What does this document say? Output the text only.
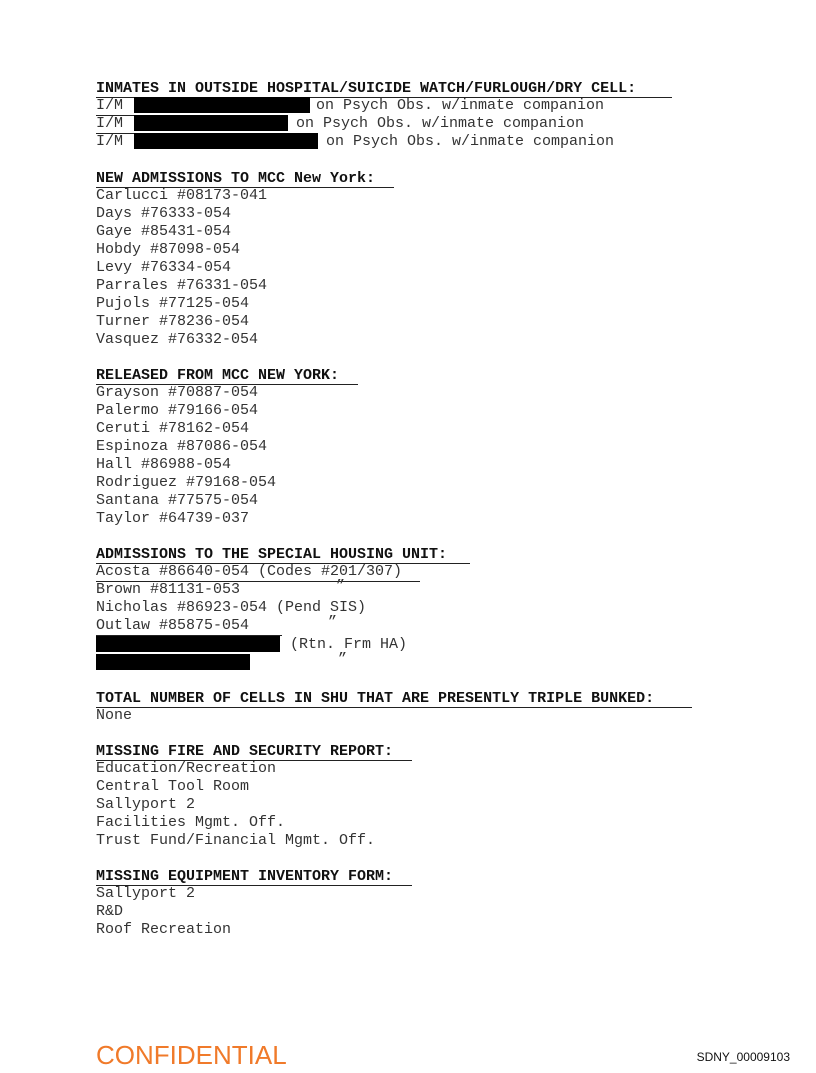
INMATES IN OUTSIDE HOSPITAL/SUICIDE WATCH/FURLOUGH/DRY CELL:
I/M	on Psych Obs. w/inmate companion
I/M	on Psych Obs. w/inmate companion
I/M	on Psych Obs. w/inmate companion
NEW ADMISSIONS TO MCC New York:
Carlucci #08173-041
Days #76333-054
Gaye #85431-054
Hobdy #87098-054
Levy #76334-054
Parrales #76331-054
Pujols #77125-054
Turner #78236-054
Vasquez #76332-054
RELEASED FROM MCC NEW YORK:
Grayson #70887-054
Palermo #79166-054
Ceruti #78162-054
Espinoza #87086-054
Hall #86988-054
Rodriguez #79168-054
Santana #77575-054
Taylor #64739-037
ADMISSIONS TO THE SPECIAL HOUSING UNIT:
Acosta #86640-054 (Codes #201/307)
Brown #81131-053	”
Nicholas #86923-054 (Pend SIS)
Outlaw #85875-054	”
(Rtn. Frm HA)
”
TOTAL NUMBER OF CELLS IN SHU THAT ARE PRESENTLY TRIPLE BUNKED:
None
MISSING FIRE AND SECURITY REPORT:
Education/Recreation
Central Tool Room
Sallyport 2
Facilities Mgmt. Off.
Trust Fund/Financial Mgmt. Off.
MISSING EQUIPMENT INVENTORY FORM:
Sallyport 2
R&D
Roof Recreation
CONFIDENTIAL	SDNY_00009103
